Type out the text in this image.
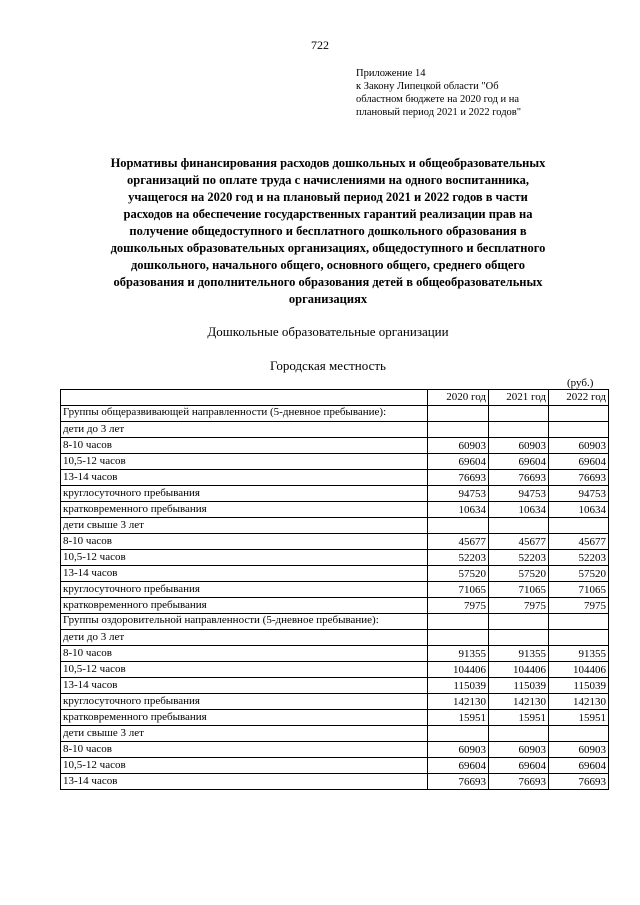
722
Приложение 14
к Закону Липецкой области "Об
областном бюджете на 2020 год и на
плановый период 2021 и 2022 годов"
Нормативы финансирования расходов дошкольных и общеобразовательных
организаций по оплате труда с начислениями на одного воспитанника,
учащегося на 2020 год и на плановый период 2021 и 2022 годов в части
расходов на обеспечение государственных гарантий реализации прав на
получение общедоступного и бесплатного дошкольного образования в
дошкольных образовательных организациях, общедоступного и бесплатного
дошкольного, начального общего, основного общего, среднего общего
образования и дополнительного образования детей в общеобразовательных
организациях
Дошкольные образовательные организации
Городская местность
(руб.)
	2020 год	2021 год	2022 год
Группы общеразвивающей направленности (5-дневное пребывание):			
дети до 3 лет			
8-10 часов	60903	60903	60903
10,5-12 часов	69604	69604	69604
13-14 часов	76693	76693	76693
круглосуточного пребывания	94753	94753	94753
кратковременного пребывания	10634	10634	10634
дети свыше 3 лет			
8-10 часов	45677	45677	45677
10,5-12 часов	52203	52203	52203
13-14 часов	57520	57520	57520
круглосуточного пребывания	71065	71065	71065
кратковременного пребывания	7975	7975	7975
Группы оздоровительной направленности (5-дневное пребывание):			
дети до 3 лет			
8-10 часов	91355	91355	91355
10,5-12 часов	104406	104406	104406
13-14 часов	115039	115039	115039
круглосуточного пребывания	142130	142130	142130
кратковременного пребывания	15951	15951	15951
дети свыше 3 лет			
8-10 часов	60903	60903	60903
10,5-12 часов	69604	69604	69604
13-14 часов	76693	76693	76693
